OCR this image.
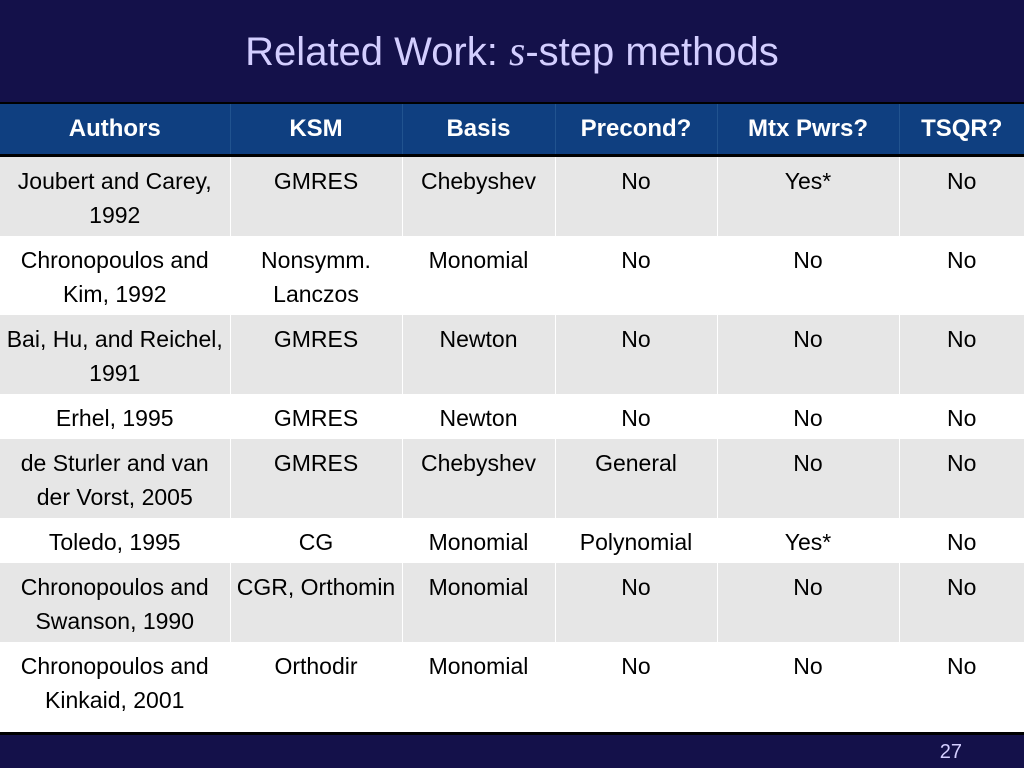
Related Work: s-step methods
Authors	KSM	Basis	Precond?	Mtx Pwrs?	TSQR?
Joubert and Carey, 1992	GMRES	Chebyshev	No	Yes*	No
Chronopoulos and Kim, 1992	Nonsymm. Lanczos	Monomial	No	No	No
Bai, Hu, and Reichel, 1991	GMRES	Newton	No	No	No
Erhel, 1995	GMRES	Newton	No	No	No
de Sturler and van der Vorst, 2005	GMRES	Chebyshev	General	No	No
Toledo, 1995	CG	Monomial	Polynomial	Yes*	No
Chronopoulos and Swanson, 1990	CGR, Orthomin	Monomial	No	No	No
Chronopoulos and Kinkaid, 2001	Orthodir	Monomial	No	No	No
27
